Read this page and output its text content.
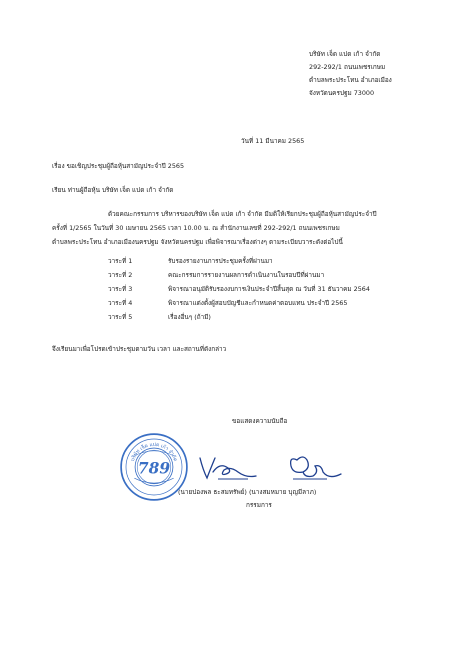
บริษัท เจ็ด แปด เก้า จำกัด
292-292/1 ถนนเพชรเกษม
ตำบลพระประโทน อำเภอเมือง
จังหวัดนครปฐม 73000
วันที่ 11 มีนาคม 2565
เรื่อง ขอเชิญประชุมผู้ถือหุ้นสามัญประจำปี 2565
เรียน ท่านผู้ถือหุ้น บริษัท เจ็ด แปด เก้า จำกัด
ด้วยคณะกรรมการ บริหารของบริษัท เจ็ด แปด เก้า จำกัด มีมติให้เรียกประชุมผู้ถือหุ้นสามัญประจำปี
ครั้งที่ 1/2565 ในวันที่ 30 เมษายน 2565 เวลา 10.00 น. ณ สำนักงานเลขที่ 292-292/1 ถนนเพชรเกษม
ตำบลพระประโทน อำเภอเมืองนครปฐม จังหวัดนครปฐม เพื่อพิจารณาเรื่องต่างๆ ตามระเบียบวาระดังต่อไปนี้
วาระที่ 1	รับรองรายงานการประชุมครั้งที่ผ่านมา
วาระที่ 2	คณะกรรมการรายงานผลการดำเนินงานในรอบปีที่ผ่านมา
วาระที่ 3	พิจารณาอนุมัติรับรองงบการเงินประจำปีสิ้นสุด ณ วันที่ 31 ธันวาคม 2564
วาระที่ 4	พิจารณาแต่งตั้งผู้สอบบัญชีและกำหนดค่าตอบแทน ประจำปี 2565
วาระที่ 5	เรื่องอื่นๆ (ถ้ามี)
จึงเรียนมาเพื่อโปรดเข้าประชุมตามวัน เวลา และสถานที่ดังกล่าว
ขอแสดงความนับถือ
บริษัท เจ็ด แปด เก้า จำกัด
789
(นายปองพล ธะสมทรัพย์) (นางสมหมาย บุญมีลาภ)
กรรมการ
